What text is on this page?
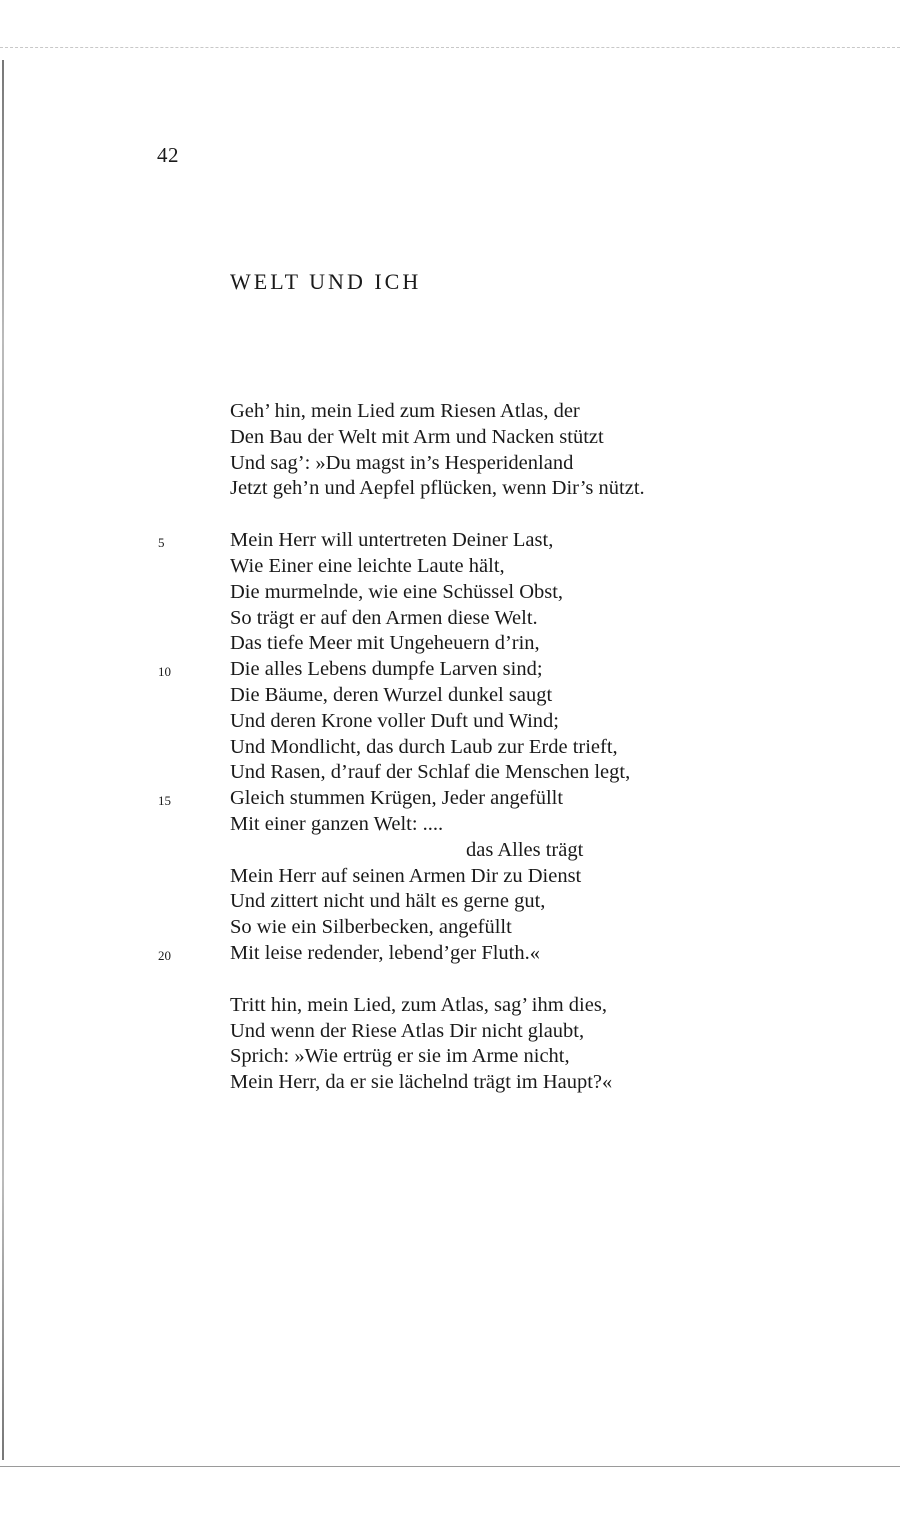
42
WELT UND ICH
Geh’ hin, mein Lied zum Riesen Atlas, der
Den Bau der Welt mit Arm und Nacken stützt
Und sag’: »Du magst in’s Hesperidenland
Jetzt geh’n und Aepfel pflücken, wenn Dir’s nützt.
5	Mein Herr will untertreten Deiner Last,
Wie Einer eine leichte Laute hält,
Die murmelnde, wie eine Schüssel Obst,
So trägt er auf den Armen diese Welt.
Das tiefe Meer mit Ungeheuern d’rin,
10	Die alles Lebens dumpfe Larven sind;
Die Bäume, deren Wurzel dunkel saugt
Und deren Krone voller Duft und Wind;
Und Mondlicht, das durch Laub zur Erde trieft,
Und Rasen, d’rauf der Schlaf die Menschen legt,
15	Gleich stummen Krügen, Jeder angefüllt
Mit einer ganzen Welt: ....
das Alles trägt
Mein Herr auf seinen Armen Dir zu Dienst
Und zittert nicht und hält es gerne gut,
So wie ein Silberbecken, angefüllt
20	Mit leise redender, lebend’ger Fluth.«
Tritt hin, mein Lied, zum Atlas, sag’ ihm dies,
Und wenn der Riese Atlas Dir nicht glaubt,
Sprich: »Wie ertrüg er sie im Arme nicht,
Mein Herr, da er sie lächelnd trägt im Haupt?«
